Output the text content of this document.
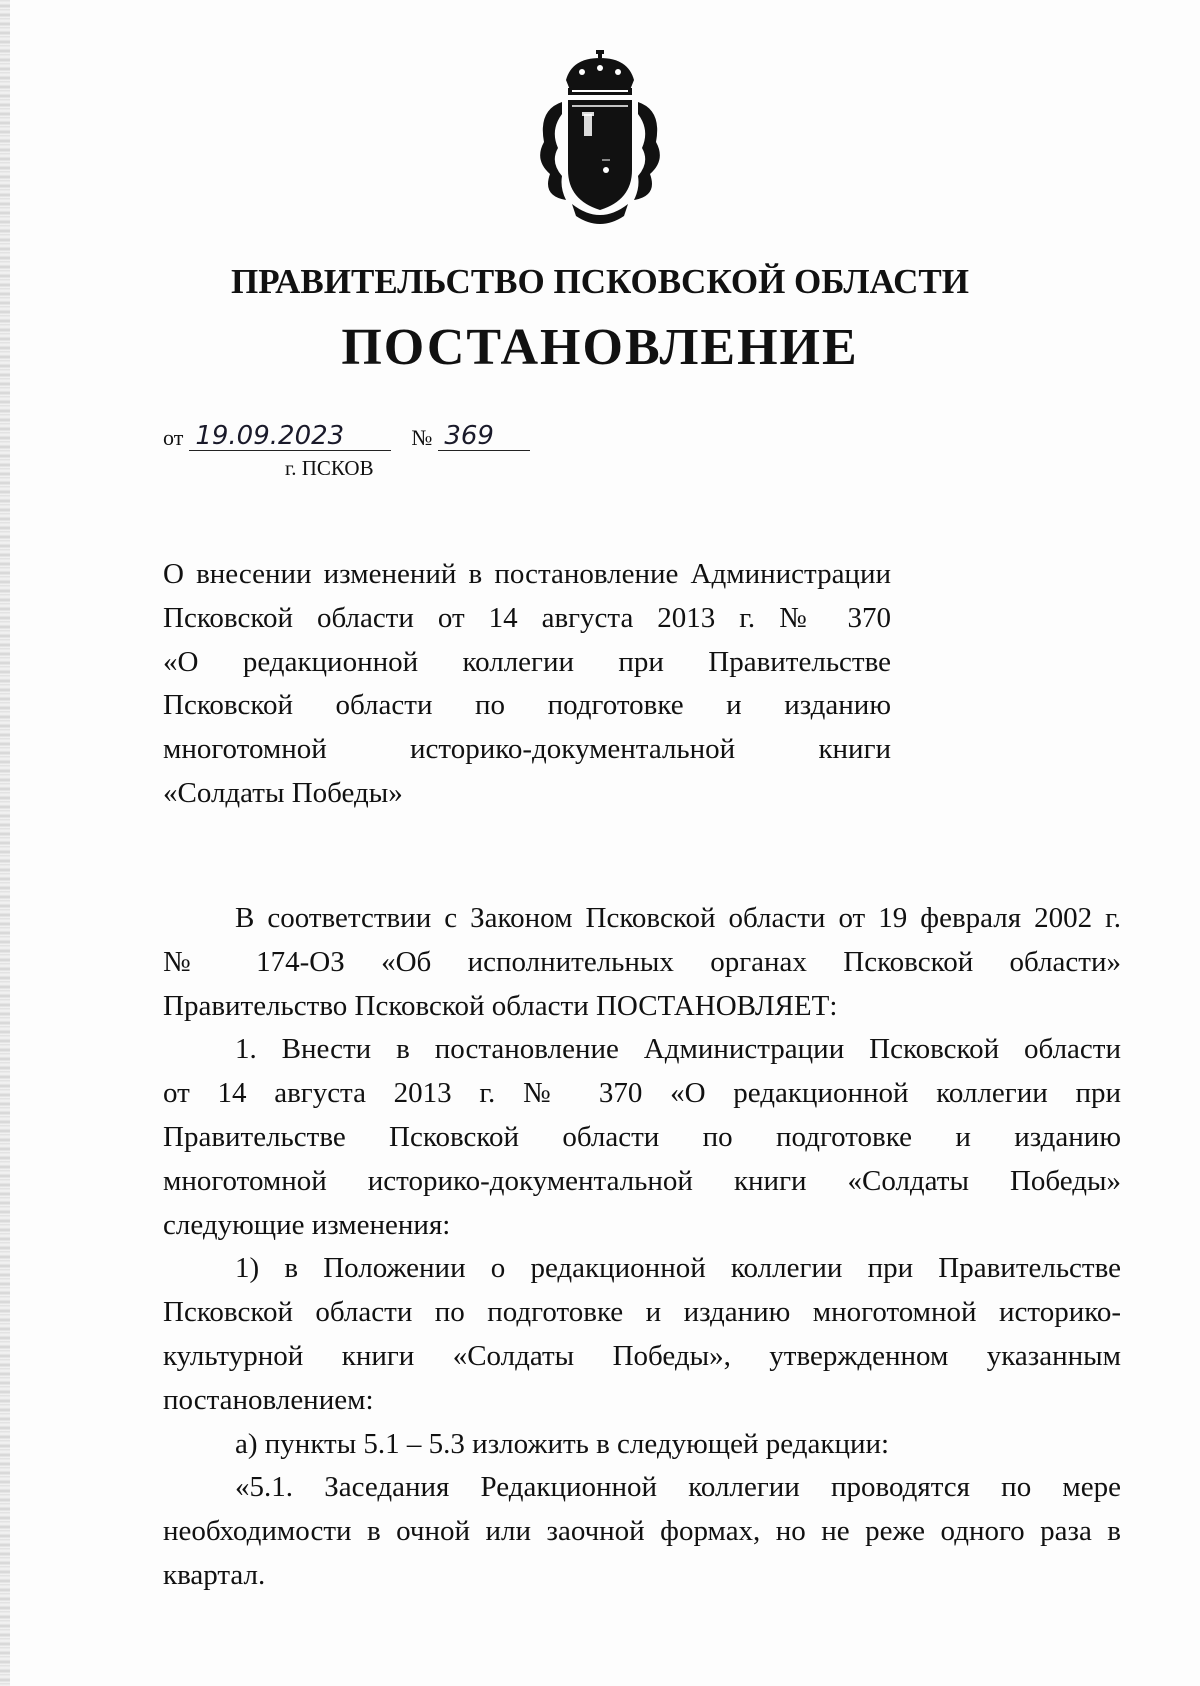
ПРАВИТЕЛЬСТВО ПСКОВСКОЙ ОБЛАСТИ
ПОСТАНОВЛЕНИЕ
от 19.09.2023	№ 369
г. ПСКОВ
О внесении изменений в постановление Администрации
Псковской области от 14 августа 2013 г. № 370
«О редакционной коллегии при Правительстве
Псковской области по подготовке и изданию
многотомной историко-документальной книги
«Солдаты Победы»
В соответствии с Законом Псковской области от 19 февраля 2002 г.
№ 174-ОЗ «Об исполнительных органах Псковской области»
Правительство Псковской области ПОСТАНОВЛЯЕТ:
1. Внести в постановление Администрации Псковской области
от 14 августа 2013 г. № 370 «О редакционной коллегии при
Правительстве Псковской области по подготовке и изданию
многотомной историко-документальной книги «Солдаты Победы»
следующие изменения:
1) в Положении о редакционной коллегии при Правительстве
Псковской области по подготовке и изданию многотомной историко-
культурной книги «Солдаты Победы», утвержденном указанным
постановлением:
а) пункты 5.1 – 5.3 изложить в следующей редакции:
«5.1. Заседания Редакционной коллегии проводятся по мере
необходимости в очной или заочной формах, но не реже одного раза в
квартал.
